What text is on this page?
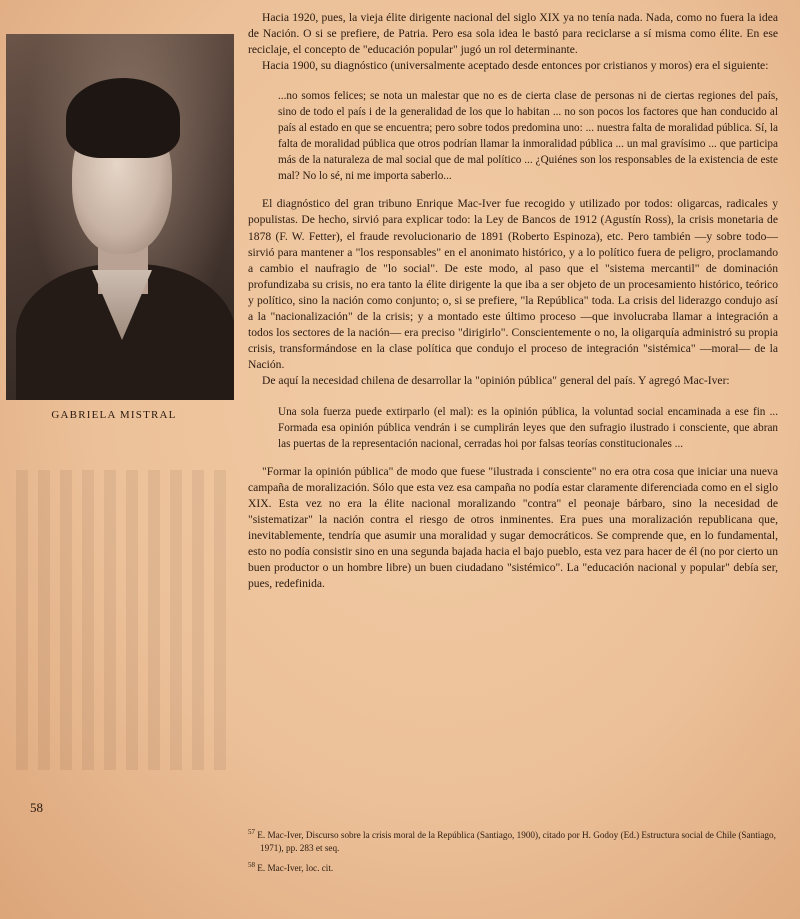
GABRIELA MISTRAL
58

Hacia 1920, pues, la vieja élite dirigente nacional del siglo XIX ya no tenía nada. Nada, como no fuera la idea de Nación. O si se prefiere, de Patria. Pero esa sola idea le bastó para reciclarse a sí misma como élite. En ese reciclaje, el concepto de "educación popular" jugó un rol determinante.

Hacia 1900, su diagnóstico (universalmente aceptado desde entonces por cristianos y moros) era el siguiente:

...no somos felices; se nota un malestar que no es de cierta clase de personas ni de ciertas regiones del país, sino de todo el país i de la generalidad de los que lo habitan ... no son pocos los factores que han conducido al país al estado en que se encuentra; pero sobre todos predomina uno: ... nuestra falta de moralidad pública. Sí, la falta de moralidad pública que otros podrían llamar la inmoralidad pública ... un mal gravísimo ... que participa más de la naturaleza de mal social que de mal político ... ¿Quiénes son los responsables de la existencia de este mal? No lo sé, ni me importa saberlo...

El diagnóstico del gran tribuno Enrique Mac-Iver fue recogido y utilizado por todos: oligarcas, radicales y populistas. De hecho, sirvió para explicar todo: la Ley de Bancos de 1912 (Agustín Ross), la crisis monetaria de 1878 (F. W. Fetter), el fraude revolucionario de 1891 (Roberto Espinoza), etc. Pero también —y sobre todo— sirvió para mantener a "los responsables" en el anonimato histórico, y a lo político fuera de peligro, proclamando a cambio el naufragio de "lo social". De este modo, al paso que el "sistema mercantil" de dominación profundizaba su crisis, no era tanto la élite dirigente la que iba a ser objeto de un procesamiento histórico, teórico y político, sino la nación como conjunto; o, si se prefiere, "la República" toda. La crisis del liderazgo condujo así a la "nacionalización" de la crisis; y a montado este último proceso —que involucraba llamar a integración a todos los sectores de la nación— era preciso "dirigirlo". Conscientemente o no, la oligarquía administró su propia crisis, transformándose en la clase política que condujo el proceso de integración "sistémica" —moral— de la Nación.

De aquí la necesidad chilena de desarrollar la "opinión pública" general del país. Y agregó Mac-Iver:

Una sola fuerza puede extirparlo (el mal): es la opinión pública, la voluntad social encaminada a ese fin ... Formada esa opinión pública vendrán i se cumplirán leyes que den sufragio ilustrado i consciente, que abran las puertas de la representación nacional, cerradas hoi por falsas teorías constitucionales ...

"Formar la opinión pública" de modo que fuese "ilustrada i consciente" no era otra cosa que iniciar una nueva campaña de moralización. Sólo que esta vez esa campaña no podía estar claramente diferenciada como en el siglo XIX. Esta vez no era la élite nacional moralizando "contra" el peonaje bárbaro, sino la necesidad de "sistematizar" la nación contra el riesgo de otros inminentes. Era pues una moralización republicana que, inevitablemente, tendría que asumir una moralidad y sugar democráticos. Se comprende que, en lo fundamental, esto no podía consistir sino en una segunda bajada hacia el bajo pueblo, esta vez para hacer de él (no por cierto un buen productor o un hombre libre) un buen ciudadano "sistémico". La "educación nacional y popular" debía ser, pues, redefinida.

$^{57}$ E. Mac-Iver, Discurso sobre la crisis moral de la República (Santiago, 1900), citado por H. Godoy (Ed.) Estructura social de Chile (Santiago, 1971), pp. 283 et seq.

$^{58}$ E. Mac-Iver, loc. cit.
